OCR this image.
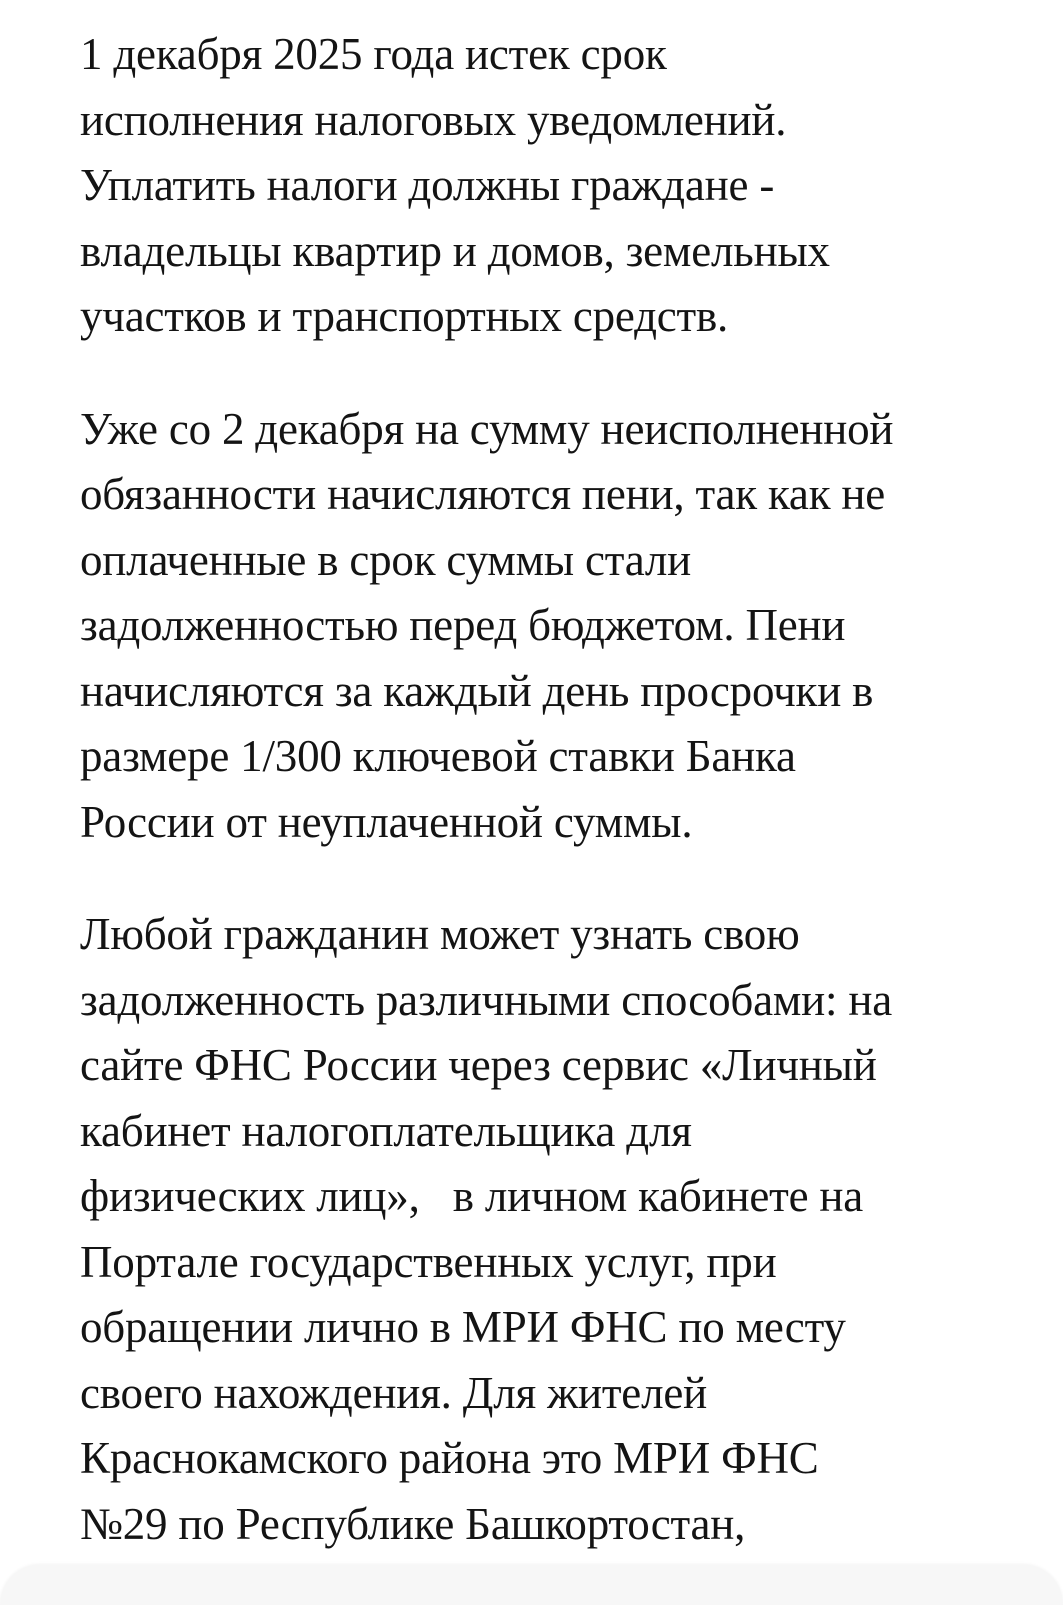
1 декабря 2025 года истек срок
исполнения налоговых уведомлений.
Уплатить налоги должны граждане -
владельцы квартир и домов, земельных
участков и транспортных средств.

Уже со 2 декабря на сумму неисполненной
обязанности начисляются пени, так как не
оплаченные в срок суммы стали
задолженностью перед бюджетом. Пени
начисляются за каждый день просрочки в
размере 1/300 ключевой ставки Банка
России от неуплаченной суммы.

Любой гражданин может узнать свою
задолженность различными способами: на
сайте ФНС России через сервис «Личный
кабинет налогоплательщика для
физических лиц»,   в личном кабинете на
Портале государственных услуг, при
обращении лично в МРИ ФНС по месту
своего нахождения. Для жителей
Краснокамского района это МРИ ФНС
№29 по Республике Башкортостан,
